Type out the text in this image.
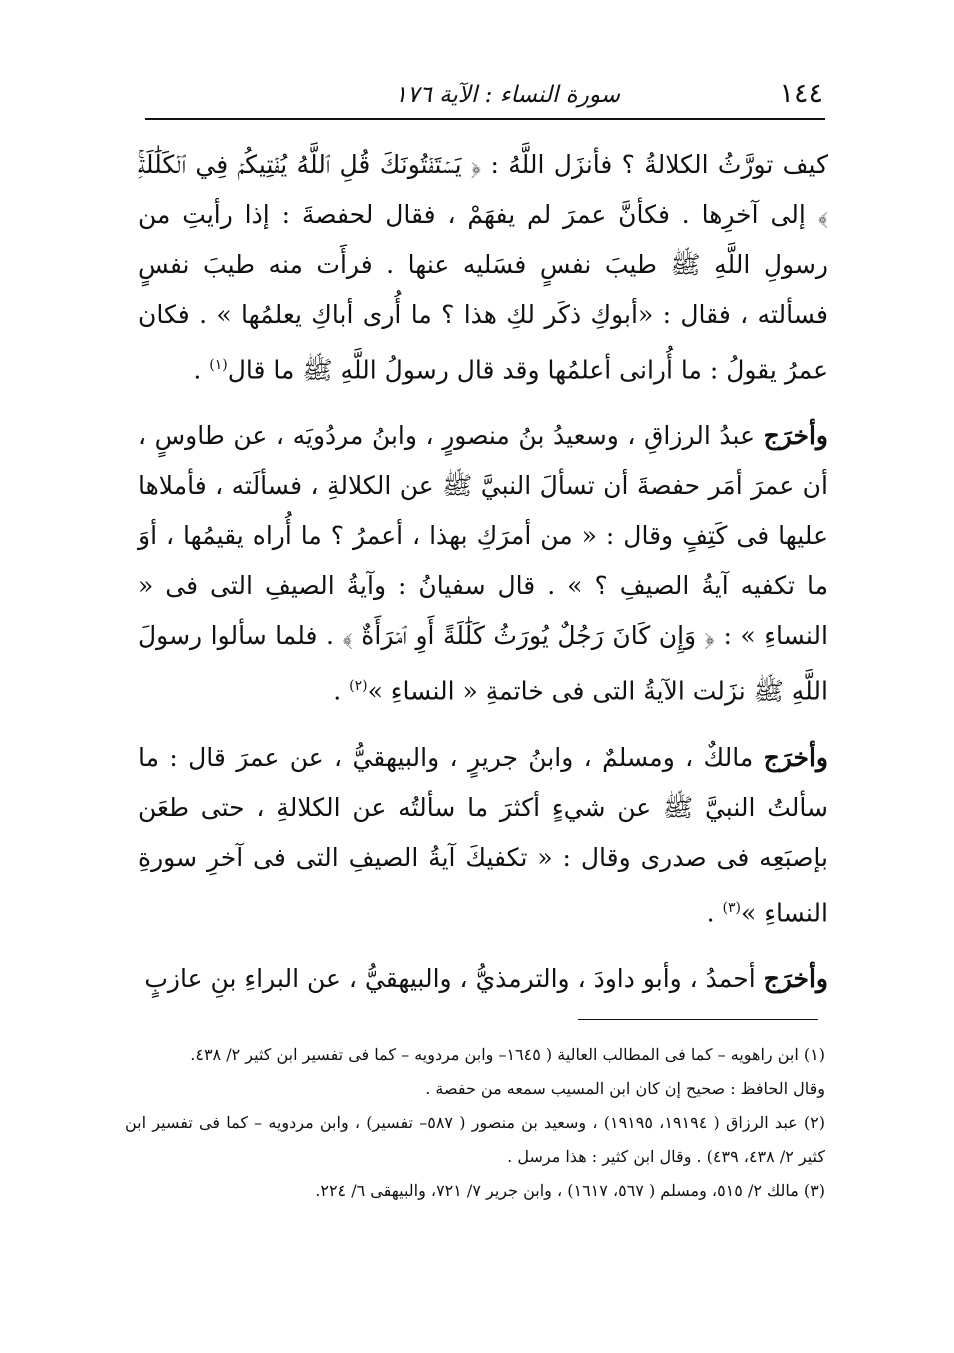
١٤٤
سورة النساء : الآية ١٧٦

كيف تورَّثُ الكلالةُ ؟ فأنزَل اللَّهُ : ﴿ يَسۡتَفۡتُونَكَ قُلِ ٱللَّهُ يُفۡتِيكُمۡ فِي ٱلۡكَلَٰلَةِۚ ﴾ إلى آخرِها . فكأنَّ عمرَ لم يفهَمْ ، فقال لحفصةَ : إذا رأيتِ من رسولِ اللَّهِ ﷺ طيبَ نفسٍ فسَليه عنها . فرأَت منه طيبَ نفسٍ فسألته ، فقال : «أبوكِ ذكَر لكِ هذا ؟ ما أُرى أباكِ يعلمُها » . فكان عمرُ يقولُ : ما أُرانى أعلمُها وقد قال رسولُ اللَّهِ ﷺ ما قال$^{(١)}$ .

وأخرَج عبدُ الرزاقِ ، وسعيدُ بنُ منصورٍ ، وابنُ مردُويَه ، عن طاوسٍ ، أن عمرَ أمَر حفصةَ أن تسألَ النبيَّ ﷺ عن الكلالةِ ، فسألَته ، فأملاها عليها فى كَتِفٍ وقال : « من أمرَكِ بهذا ، أعمرُ ؟ ما أُراه يقيمُها ، أوَ ما تكفيه آيةُ الصيفِ ؟ » . قال سفيانُ : وآيةُ الصيفِ التى فى « النساءِ » : ﴿ وَإِن كَانَ رَجُلٌ يُورَثُ كَلَٰلَةً أَوِ ٱمۡرَأَةٌ ﴾ . فلما سألوا رسولَ اللَّهِ ﷺ نزَلت الآيةُ التى فى خاتمةِ « النساءِ »$^{(٢)}$ .

وأخرَج مالكٌ ، ومسلمٌ ، وابنُ جريرٍ ، والبيهقيُّ ، عن عمرَ قال : ما سألتُ النبيَّ ﷺ عن شيءٍ أكثرَ ما سألتُه عن الكلالةِ ، حتى طعَن بإصبَعِه فى صدرى وقال : « تكفيكَ آيةُ الصيفِ التى فى آخرِ سورةِ النساءِ »$^{(٣)}$ .

وأخرَج أحمدُ ، وأبو داودَ ، والترمذيُّ ، والبيهقيُّ ، عن البراءِ بنِ عازبٍ

(١) ابن راهويه – كما فى المطالب العالية ( ١٦٤٥– وابن مردويه – كما فى تفسير ابن كثير ٢/ ٤٣٨.

وقال الحافظ : صحيح إن كان ابن المسيب سمعه من حفصة .

(٢) عبد الرزاق ( ١٩١٩٤، ١٩١٩٥) ، وسعيد بن منصور ( ٥٨٧– تفسير) ، وابن مردويه – كما فى تفسير ابن كثير ٢/ ٤٣٨، ٤٣٩) . وقال ابن كثير : هذا مرسل .

(٣) مالك ٢/ ٥١٥، ومسلم ( ٥٦٧، ١٦١٧) ، وابن جرير ٧/ ٧٢١، والبيهقى ٦/ ٢٢٤.
